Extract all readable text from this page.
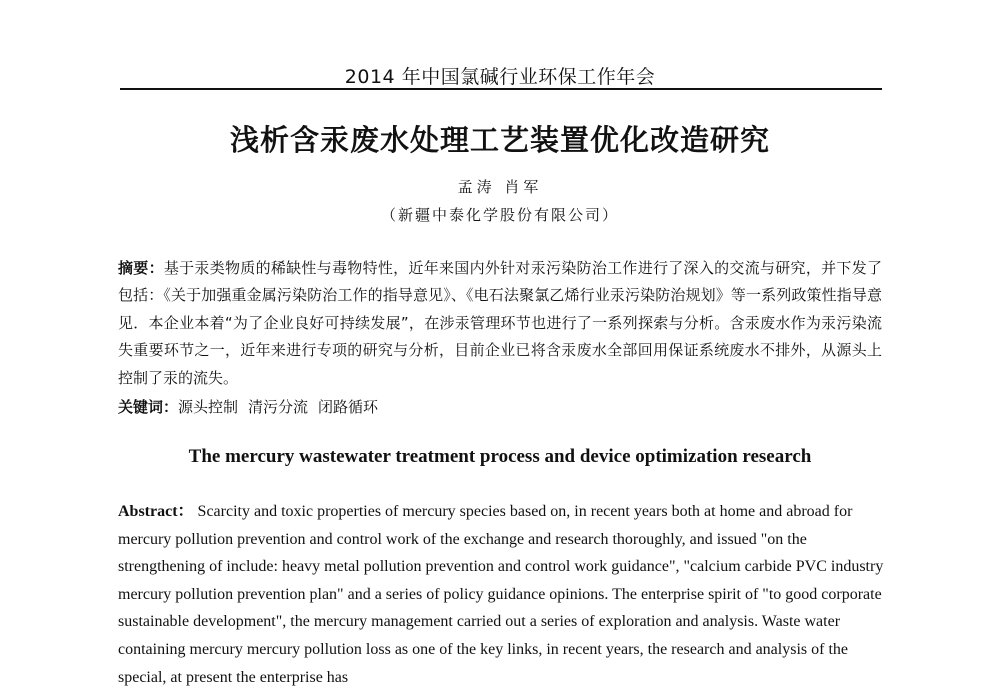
2014 年中国氯碱行业环保工作年会
浅析含汞废水处理工艺装置优化改造研究
孟涛 肖军
（新疆中泰化学股份有限公司）
摘要：基于汞类物质的稀缺性与毒物特性，近年来国内外针对汞污染防治工作进行了深入的交流与研究，并下发了包括：《关于加强重金属污染防治工作的指导意见》、《电石法聚氯乙烯行业汞污染防治规划》等一系列政策性指导意见．本企业本着“为了企业良好可持续发展”，在涉汞管理环节也进行了一系列探索与分析。含汞废水作为汞污染流失重要环节之一，近年来进行专项的研究与分析，目前企业已将含汞废水全部回用保证系统废水不排外，从源头上控制了汞的流失。
关键词：源头控制 清污分流 闭路循环
The mercury wastewater treatment process and device optimization research
Abstract： Scarcity and toxic properties of mercury species based on, in recent years both at home and abroad for mercury pollution prevention and control work of the exchange and research thoroughly, and issued "on the strengthening of include: heavy metal pollution prevention and control work guidance", "calcium carbide PVC industry mercury pollution prevention plan" and a series of policy guidance opinions. The enterprise spirit of "to good corporate sustainable development", the mercury management carried out a series of exploration and analysis. Waste water containing mercury mercury pollution loss as one of the key links, in recent years, the research and analysis of the special, at present the enterprise has
